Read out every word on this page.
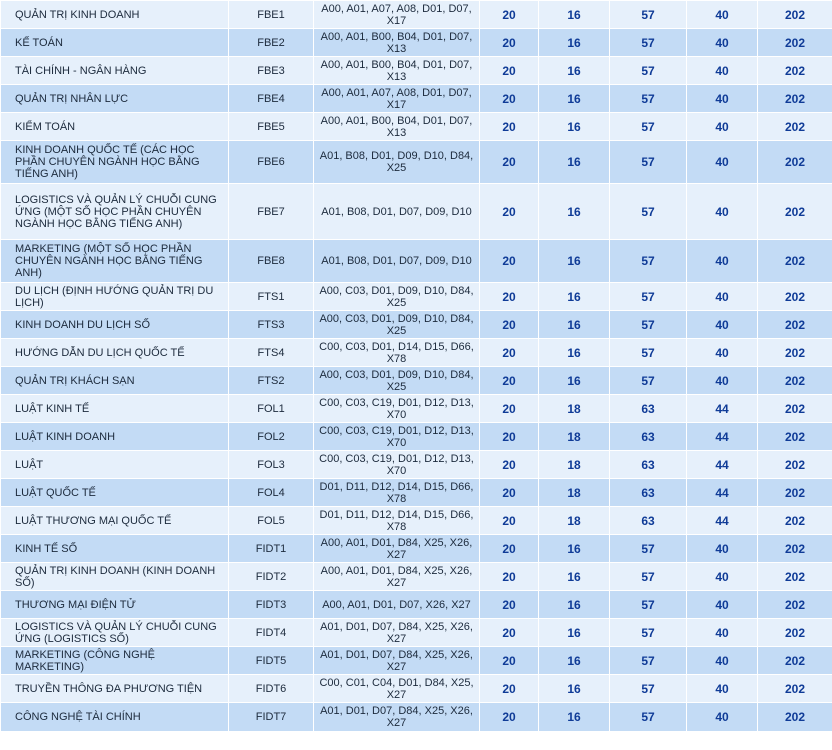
QUẢN TRỊ KINH DOANH	FBE1	A00, A01, A07, A08, D01, D07, X17	20	16	57	40	202
KẾ TOÁN	FBE2	A00, A01, B00, B04, D01, D07, X13	20	16	57	40	202
TÀI CHÍNH - NGÂN HÀNG	FBE3	A00, A01, B00, B04, D01, D07, X13	20	16	57	40	202
QUẢN TRỊ NHÂN LỰC	FBE4	A00, A01, A07, A08, D01, D07, X17	20	16	57	40	202
KIỂM TOÁN	FBE5	A00, A01, B00, B04, D01, D07, X13	20	16	57	40	202
KINH DOANH QUỐC TẾ (CÁC HỌC PHẦN CHUYÊN NGÀNH HỌC BẰNG TIẾNG ANH)	FBE6	A01, B08, D01, D09, D10, D84, X25	20	16	57	40	202
LOGISTICS VÀ QUẢN LÝ CHUỖI CUNG ỨNG (MỘT SỐ HỌC PHẦN CHUYÊN NGÀNH HỌC BẰNG TIẾNG ANH)	FBE7	A01, B08, D01, D07, D09, D10	20	16	57	40	202
MARKETING (MỘT SỐ HỌC PHẦN CHUYÊN NGÀNH HỌC BẰNG TIẾNG ANH)	FBE8	A01, B08, D01, D07, D09, D10	20	16	57	40	202
DU LỊCH (ĐỊNH HƯỚNG QUẢN TRỊ DU LỊCH)	FTS1	A00, C03, D01, D09, D10, D84, X25	20	16	57	40	202
KINH DOANH DU LỊCH SỐ	FTS3	A00, C03, D01, D09, D10, D84, X25	20	16	57	40	202
HƯỚNG DẪN DU LỊCH QUỐC TẾ	FTS4	C00, C03, D01, D14, D15, D66, X78	20	16	57	40	202
QUẢN TRỊ KHÁCH SẠN	FTS2	A00, C03, D01, D09, D10, D84, X25	20	16	57	40	202
LUẬT KINH TẾ	FOL1	C00, C03, C19, D01, D12, D13, X70	20	18	63	44	202
LUẬT KINH DOANH	FOL2	C00, C03, C19, D01, D12, D13, X70	20	18	63	44	202
LUẬT	FOL3	C00, C03, C19, D01, D12, D13, X70	20	18	63	44	202
LUẬT QUỐC TẾ	FOL4	D01, D11, D12, D14, D15, D66, X78	20	18	63	44	202
LUẬT THƯƠNG MẠI QUỐC TẾ	FOL5	D01, D11, D12, D14, D15, D66, X78	20	18	63	44	202
KINH TẾ SỐ	FIDT1	A00, A01, D01, D84, X25, X26, X27	20	16	57	40	202
QUẢN TRỊ KINH DOANH (KINH DOANH SỐ)	FIDT2	A00, A01, D01, D84, X25, X26, X27	20	16	57	40	202
THƯƠNG MẠI ĐIỆN TỬ	FIDT3	A00, A01, D01, D07, X26, X27	20	16	57	40	202
LOGISTICS VÀ QUẢN LÝ CHUỖI CUNG ỨNG (LOGISTICS SỐ)	FIDT4	A01, D01, D07, D84, X25, X26, X27	20	16	57	40	202
MARKETING (CÔNG NGHỆ MARKETING)	FIDT5	A01, D01, D07, D84, X25, X26, X27	20	16	57	40	202
TRUYỀN THÔNG ĐA PHƯƠNG TIỆN	FIDT6	C00, C01, C04, D01, D84, X25, X27	20	16	57	40	202
CÔNG NGHỆ TÀI CHÍNH	FIDT7	A01, D01, D07, D84, X25, X26, X27	20	16	57	40	202
